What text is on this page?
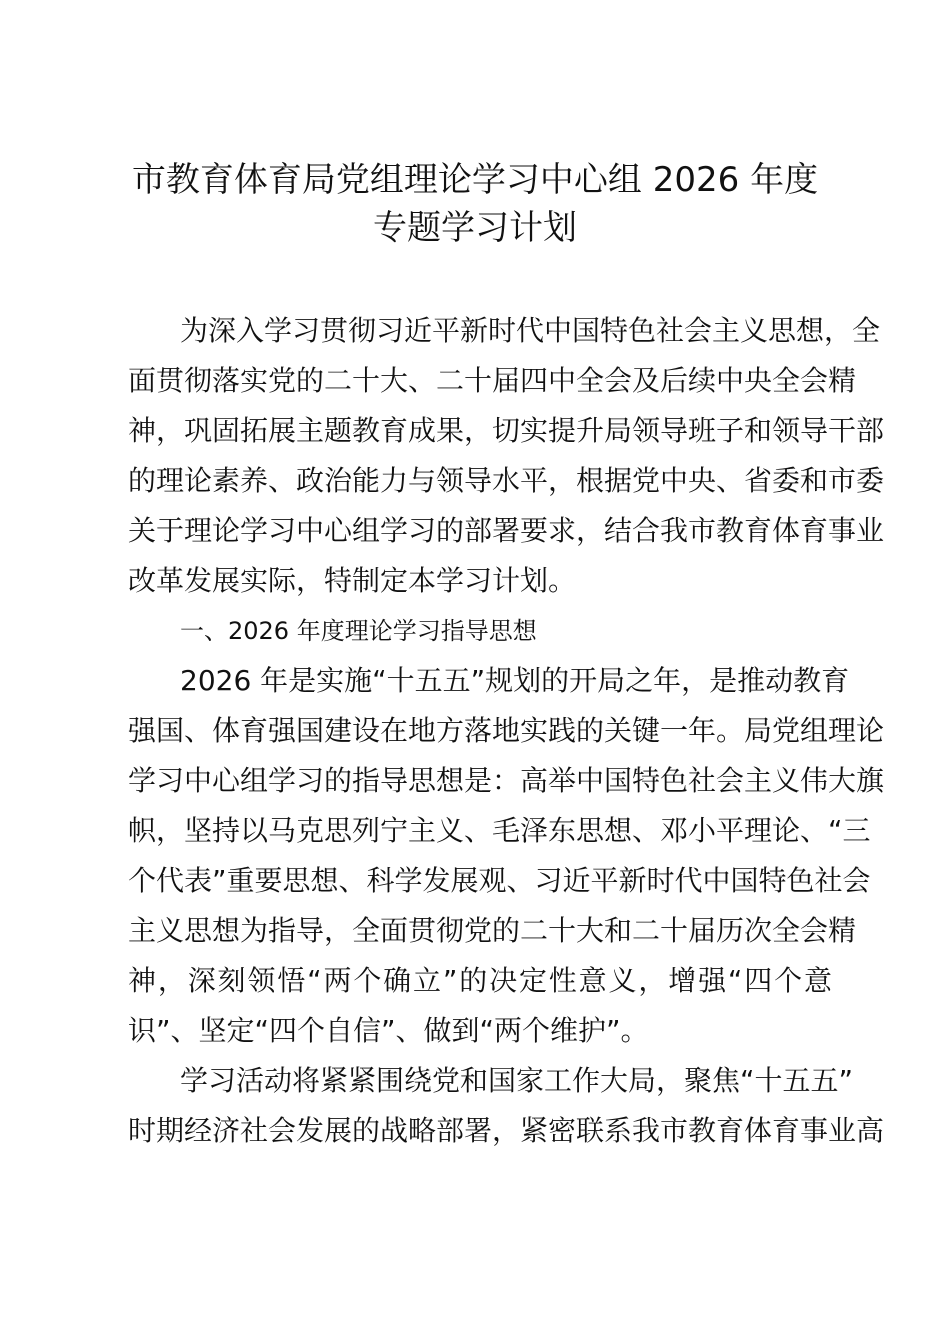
市教育体育局党组理论学习中心组 2026 年度
专题学习计划
为深入学习贯彻习近平新时代中国特色社会主义思想，全
面贯彻落实党的二十大、二十届四中全会及后续中央全会精
神，巩固拓展主题教育成果，切实提升局领导班子和领导干部
的理论素养、政治能力与领导水平，根据党中央、省委和市委
关于理论学习中心组学习的部署要求，结合我市教育体育事业
改革发展实际，特制定本学习计划。
一、2026 年度理论学习指导思想
2026 年是实施“十五五”规划的开局之年，是推动教育
强国、体育强国建设在地方落地实践的关键一年。局党组理论
学习中心组学习的指导思想是：高举中国特色社会主义伟大旗
帜，坚持以马克思列宁主义、毛泽东思想、邓小平理论、“三
个代表”重要思想、科学发展观、习近平新时代中国特色社会
主义思想为指导，全面贯彻党的二十大和二十届历次全会精
神，深刻领悟“两个确立”的决定性意义，增强“四个意
识”、坚定“四个自信”、做到“两个维护”。
学习活动将紧紧围绕党和国家工作大局，聚焦“十五五”
时期经济社会发展的战略部署，紧密联系我市教育体育事业高
